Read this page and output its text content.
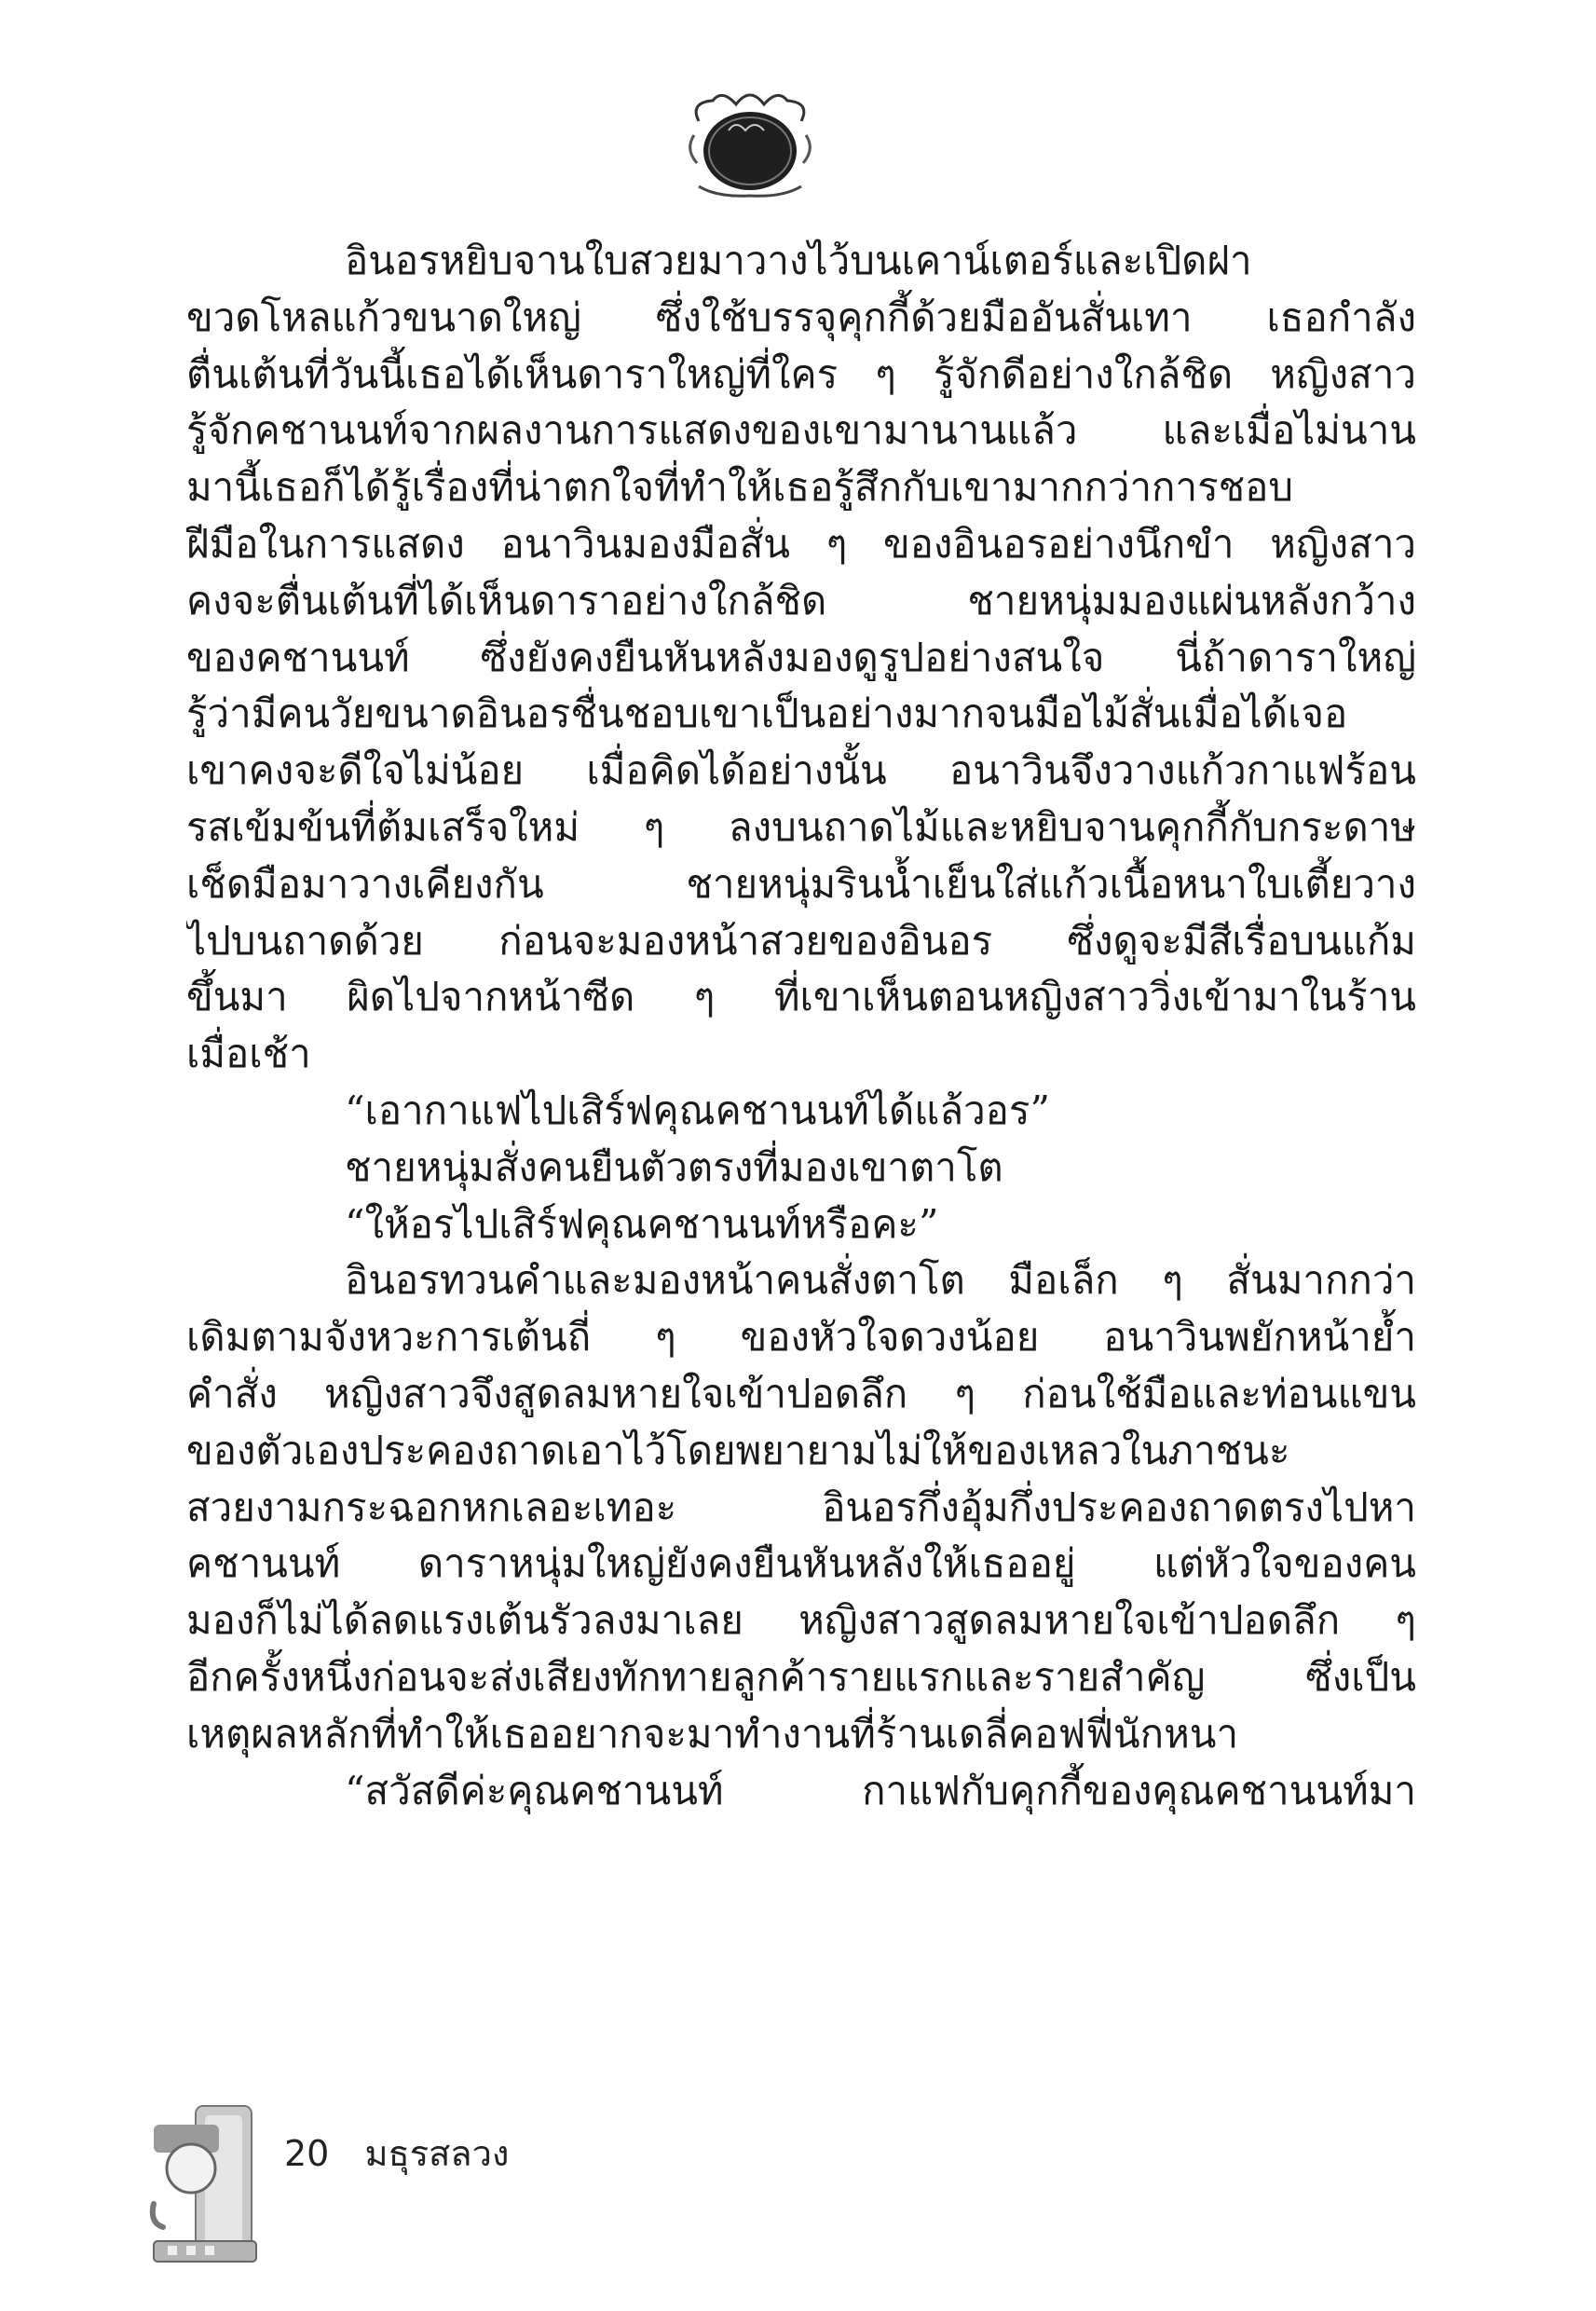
อินอรหยิบจานใบสวยมาวางไว้บนเคาน์เตอร์และเปิดฝา
ขวดโหลแก้วขนาดใหญ่ ซึ่งใช้บรรจุคุกกี้ด้วยมืออันสั่นเทา เธอกำลัง
ตื่นเต้นที่วันนี้เธอได้เห็นดาราใหญ่ที่ใคร ๆ รู้จักดีอย่างใกล้ชิด หญิงสาว
รู้จักคชานนท์จากผลงานการแสดงของเขามานานแล้ว และเมื่อไม่นาน
มานี้เธอก็ได้รู้เรื่องที่น่าตกใจที่ทำให้เธอรู้สึกกับเขามากกว่าการชอบ
ฝีมือในการแสดง อนาวินมองมือสั่น ๆ ของอินอรอย่างนึกขำ หญิงสาว
คงจะตื่นเต้นที่ได้เห็นดาราอย่างใกล้ชิด ชายหนุ่มมองแผ่นหลังกว้าง
ของคชานนท์ ซึ่งยังคงยืนหันหลังมองดูรูปอย่างสนใจ นี่ถ้าดาราใหญ่
รู้ว่ามีคนวัยขนาดอินอรชื่นชอบเขาเป็นอย่างมากจนมือไม้สั่นเมื่อได้เจอ
เขาคงจะดีใจไม่น้อย เมื่อคิดได้อย่างนั้น อนาวินจึงวางแก้วกาแฟร้อน
รสเข้มข้นที่ต้มเสร็จใหม่ ๆ ลงบนถาดไม้และหยิบจานคุกกี้กับกระดาษ
เช็ดมือมาวางเคียงกัน ชายหนุ่มรินน้ำเย็นใส่แก้วเนื้อหนาใบเตี้ยวาง
ไปบนถาดด้วย ก่อนจะมองหน้าสวยของอินอร ซึ่งดูจะมีสีเรื่อบนแก้ม
ขึ้นมา ผิดไปจากหน้าซีด ๆ ที่เขาเห็นตอนหญิงสาววิ่งเข้ามาในร้าน
เมื่อเช้า
“เอากาแฟไปเสิร์ฟคุณคชานนท์ได้แล้วอร”
ชายหนุ่มสั่งคนยืนตัวตรงที่มองเขาตาโต
“ให้อรไปเสิร์ฟคุณคชานนท์หรือคะ”
อินอรทวนคำและมองหน้าคนสั่งตาโต มือเล็ก ๆ สั่นมากกว่า
เดิมตามจังหวะการเต้นถี่ ๆ ของหัวใจดวงน้อย อนาวินพยักหน้าย้ำ
คำสั่ง หญิงสาวจึงสูดลมหายใจเข้าปอดลึก ๆ ก่อนใช้มือและท่อนแขน
ของตัวเองประคองถาดเอาไว้โดยพยายามไม่ให้ของเหลวในภาชนะ
สวยงามกระฉอกหกเลอะเทอะ อินอรกึ่งอุ้มกึ่งประคองถาดตรงไปหา
คชานนท์ ดาราหนุ่มใหญ่ยังคงยืนหันหลังให้เธออยู่ แต่หัวใจของคน
มองก็ไม่ได้ลดแรงเต้นรัวลงมาเลย หญิงสาวสูดลมหายใจเข้าปอดลึก ๆ
อีกครั้งหนึ่งก่อนจะส่งเสียงทักทายลูกค้ารายแรกและรายสำคัญ ซึ่งเป็น
เหตุผลหลักที่ทำให้เธออยากจะมาทำงานที่ร้านเดลี่คอฟฟี่นักหนา
“สวัสดีค่ะคุณคชานนท์ กาแฟกับคุกกี้ของคุณคชานนท์มา
20 มธุรสลวง
